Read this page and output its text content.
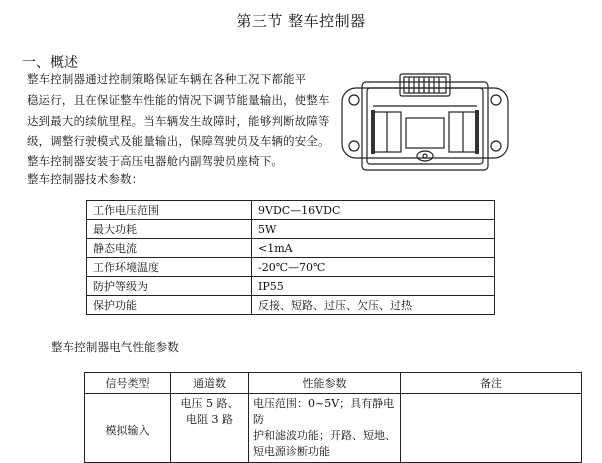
第三节 整车控制器
一、概述

整车控制器通过控制策略保证车辆在各种工况下都能平

稳运行，且在保证整车性能的情况下调节能量输出，使整车

达到最大的续航里程。当车辆发生故障时，能够判断故障等

级，调整行驶模式及能量输出，保障驾驶员及车辆的安全。

整车控制器安装于高压电器舱内副驾驶员座椅下。

整车控制器技术参数：

工作电压范围	9VDC—16VDC
最大功耗	5W
静态电流	<1mA
工作环境温度	-20℃—70℃
防护等级为	IP55
保护功能	反接、短路、过压、欠压、过热

整车控制器电气性能参数

信号类型	通道数	性能参数	备注
模拟输入	电压 5 路、
电阻 3 路	电压范围：0~5V；具有静电防
护和滤波功能；开路、短地、
短电源诊断功能	
